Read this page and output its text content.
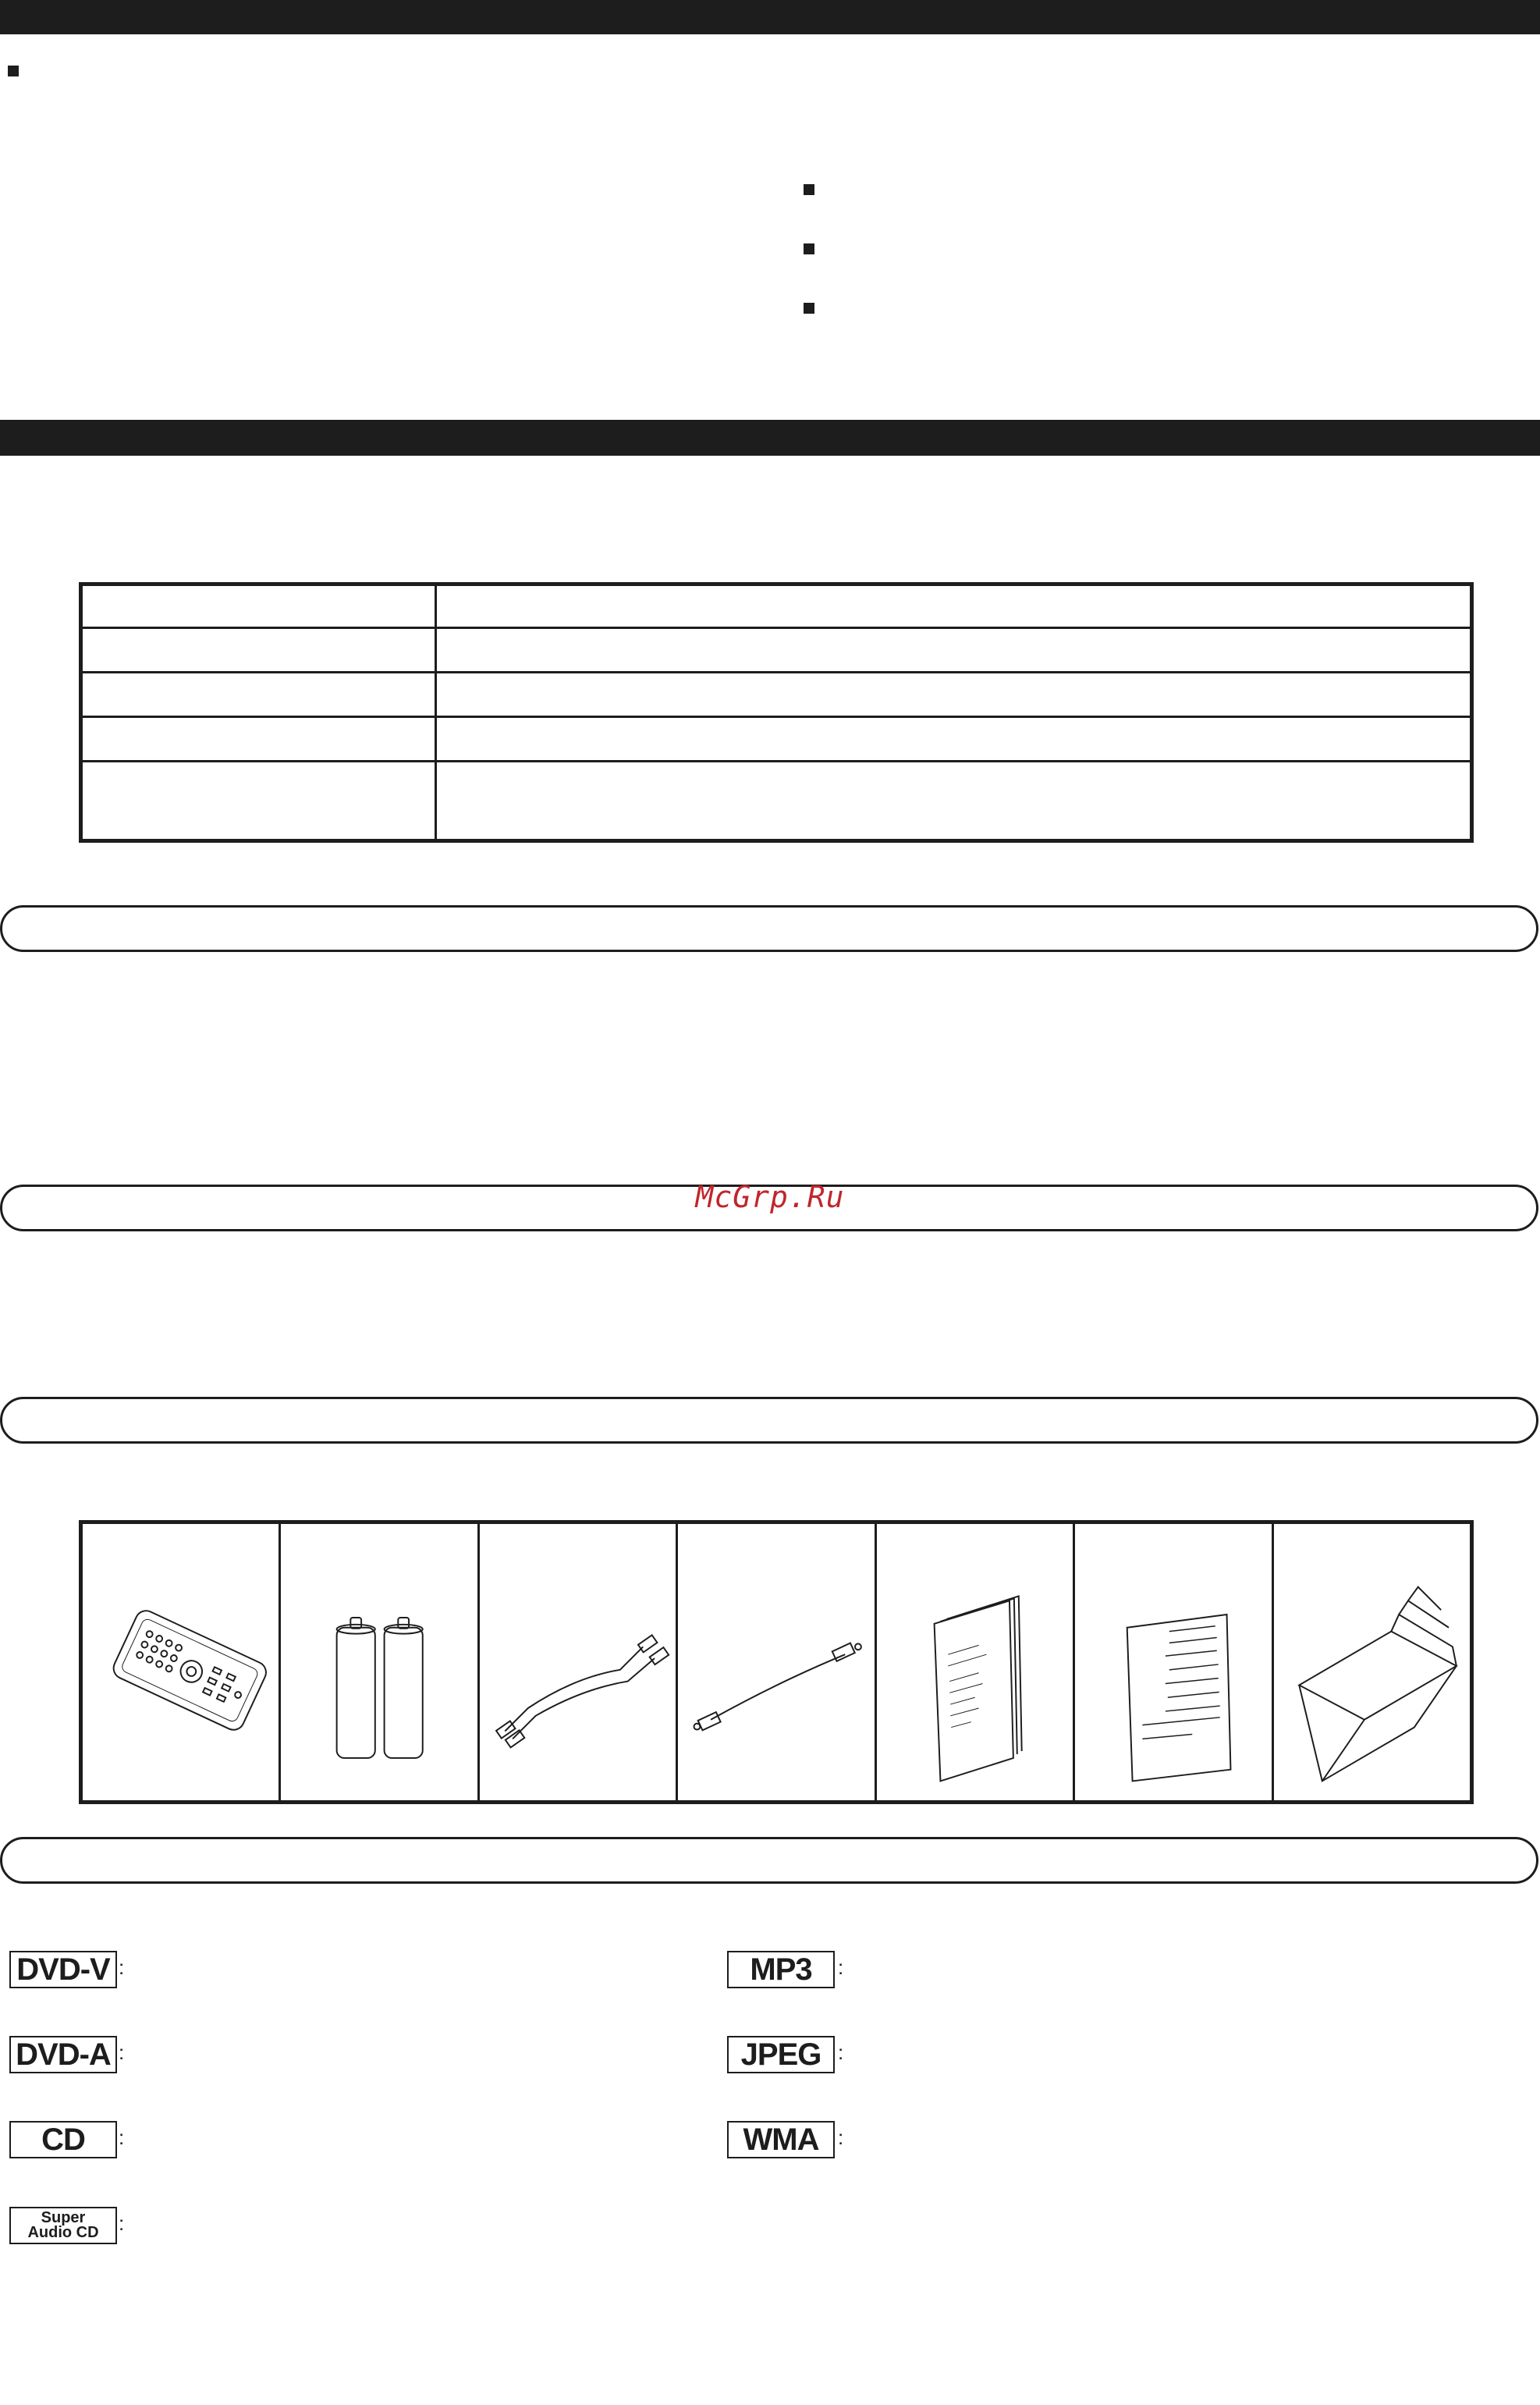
McGrp.Ru
DVD-V :
DVD-A :
CD :
Super
Audio CD :
MP3 :
JPEG :
WMA :
